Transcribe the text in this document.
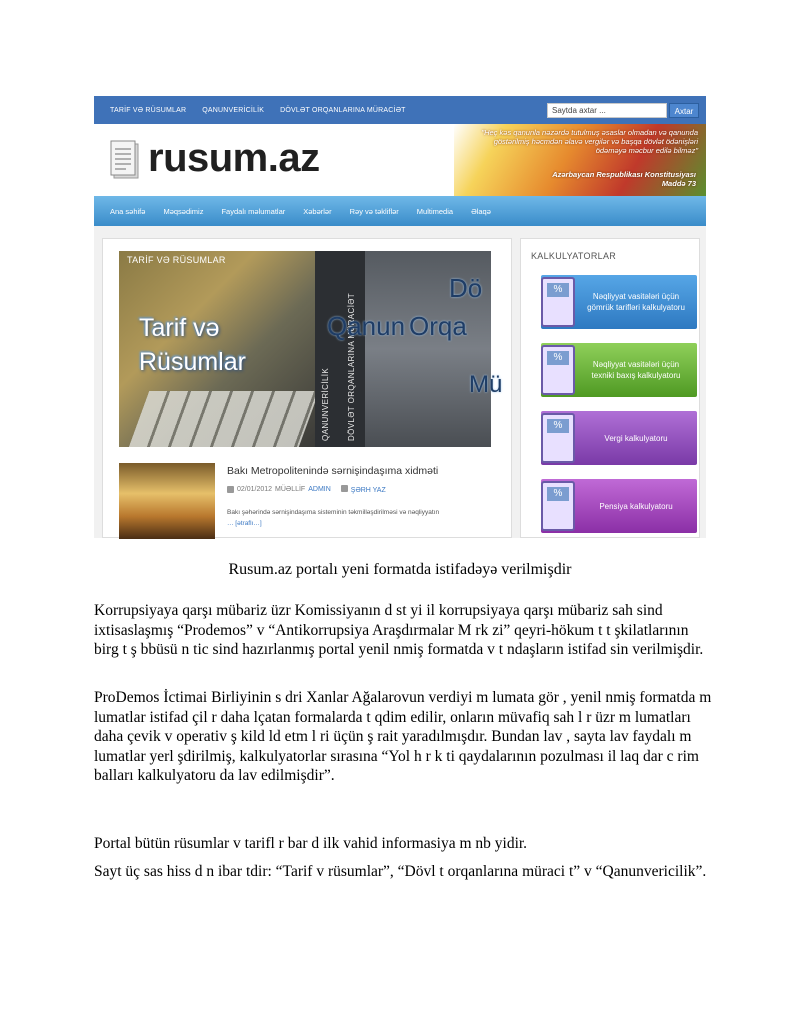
TARİF VƏ RÜSUMLAR QANUNVERİCİLİK DÖVLƏT ORQANLARINA MÜRACİƏT	Saytda axtar ...	Axtar
rusum.az
"Heç kəs qanunla nəzərdə tutulmuş əsaslar olmadan və qanunda göstərilmiş həcmdən əlavə vergilər və başqa dövlət ödənişləri ödəməyə məcbur edilə bilməz"
Azərbaycan Respublikası Konstitusiyası
Maddə 73
Ana səhifə Məqsədimiz Faydalı məlumatlar Xəbərlər Rəy və təkliflər Multimedia Əlaqə
TARİF VƏ RÜSUMLAR
Tarif və
Rüsumlar
QANUNVERİCİLİK DÖVLƏT ORQANLARINA MÜRACİƏT
Qanun Orqa
Dö
Mü
Bakı Metropolitenində sərnişindaşıma xidməti
02/01/2012 MÜƏLLİF ADMIN	ŞƏRH YAZ
Bakı şəhərində sərnişindaşıma sisteminin təkmilləşdirilməsi və nəqliyyatın
… [ətraflı…]
KALKULYATORLAR
%
Nəqliyyat vasitələri üçün gömrük tarifləri kalkulyatoru
%
Nəqliyyat vasitələri üçün texniki baxış kalkulyatoru
%
Vergi kalkulyatoru
%
Pensiya kalkulyatoru
Rusum.az portalı yeni formatda istifadəyə verilmişdir

Korrupsiyaya qarşı mübariz üzr Komissiyanın d st yi il korrupsiyaya qarşı mübariz sah sind ixtisaslaşmış “Prodemos” v “Antikorrupsiya Araşdırmalar M rk zi” qeyri-hökum t t şkilatlarının birg t ş bbüsü n tic sind hazırlanmış portal yenil nmiş formatda v t ndaşların istifad sin verilmişdir.

ProDemos İctimai Birliyinin s dri Xanlar Ağalarovun verdiyi m lumata gör , yenil nmiş formatda m lumatlar istifad çil r daha lçatan formalarda t qdim edilir, onların müvafiq sah l r üzr m lumatları daha çevik v operativ ş kild ld etm l ri üçün ş rait yaradılmışdır. Bundan lav , sayta lav faydalı m lumatlar yerl şdirilmiş, kalkulyatorlar sırasına “Yol h r k ti qaydalarının pozulması il laq dar c rim balları kalkulyatoru da lav edilmişdir”.

Portal bütün rüsumlar v tarifl r bar d ilk vahid informasiya m nb yidir.

Sayt üç sas hiss d n ibar tdir: “Tarif v rüsumlar”, “Dövl t orqanlarına müraci t” v “Qanunvericilik”.
